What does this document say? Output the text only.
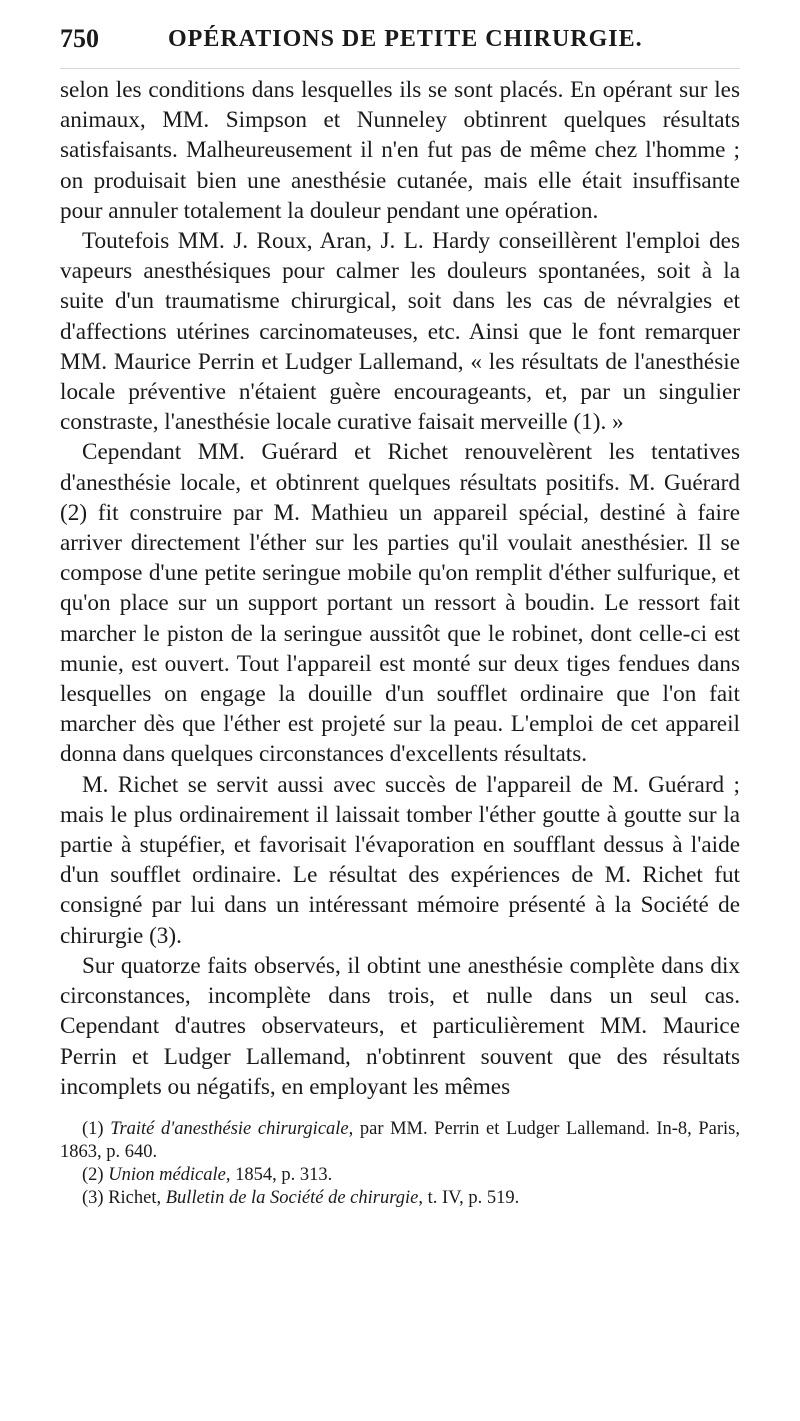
750	OPÉRATIONS DE PETITE CHIRURGIE.

selon les conditions dans lesquelles ils se sont placés. En opérant sur les animaux, MM. Simpson et Nunneley obtinrent quelques résultats satisfaisants. Malheureusement il n'en fut pas de même chez l'homme ; on produisait bien une anesthésie cutanée, mais elle était insuffisante pour annuler totalement la douleur pendant une opération.

Toutefois MM. J. Roux, Aran, J. L. Hardy conseillèrent l'emploi des vapeurs anesthésiques pour calmer les douleurs spontanées, soit à la suite d'un traumatisme chirurgical, soit dans les cas de névralgies et d'affections utérines carcinomateuses, etc. Ainsi que le font remarquer MM. Maurice Perrin et Ludger Lallemand, « les résultats de l'anesthésie locale préventive n'étaient guère encourageants, et, par un singulier constraste, l'anesthésie locale curative faisait merveille (1). »

Cependant MM. Guérard et Richet renouvelèrent les tentatives d'anesthésie locale, et obtinrent quelques résultats positifs. M. Guérard (2) fit construire par M. Mathieu un appareil spécial, destiné à faire arriver directement l'éther sur les parties qu'il voulait anesthésier. Il se compose d'une petite seringue mobile qu'on remplit d'éther sulfurique, et qu'on place sur un support portant un ressort à boudin. Le ressort fait marcher le piston de la seringue aussitôt que le robinet, dont celle-ci est munie, est ouvert. Tout l'appareil est monté sur deux tiges fendues dans lesquelles on engage la douille d'un soufflet ordinaire que l'on fait marcher dès que l'éther est projeté sur la peau. L'emploi de cet appareil donna dans quelques circonstances d'excellents résultats.

M. Richet se servit aussi avec succès de l'appareil de M. Guérard ; mais le plus ordinairement il laissait tomber l'éther goutte à goutte sur la partie à stupéfier, et favorisait l'évaporation en soufflant dessus à l'aide d'un soufflet ordinaire. Le résultat des expériences de M. Richet fut consigné par lui dans un intéressant mémoire présenté à la Société de chirurgie (3).

Sur quatorze faits observés, il obtint une anesthésie complète dans dix circonstances, incomplète dans trois, et nulle dans un seul cas. Cependant d'autres observateurs, et particulièrement MM. Maurice Perrin et Ludger Lallemand, n'obtinrent souvent que des résultats incomplets ou négatifs, en employant les mêmes

(1) Traité d'anesthésie chirurgicale, par MM. Perrin et Ludger Lallemand. In-8, Paris, 1863, p. 640.

(2) Union médicale, 1854, p. 313.

(3) Richet, Bulletin de la Société de chirurgie, t. IV, p. 519.
